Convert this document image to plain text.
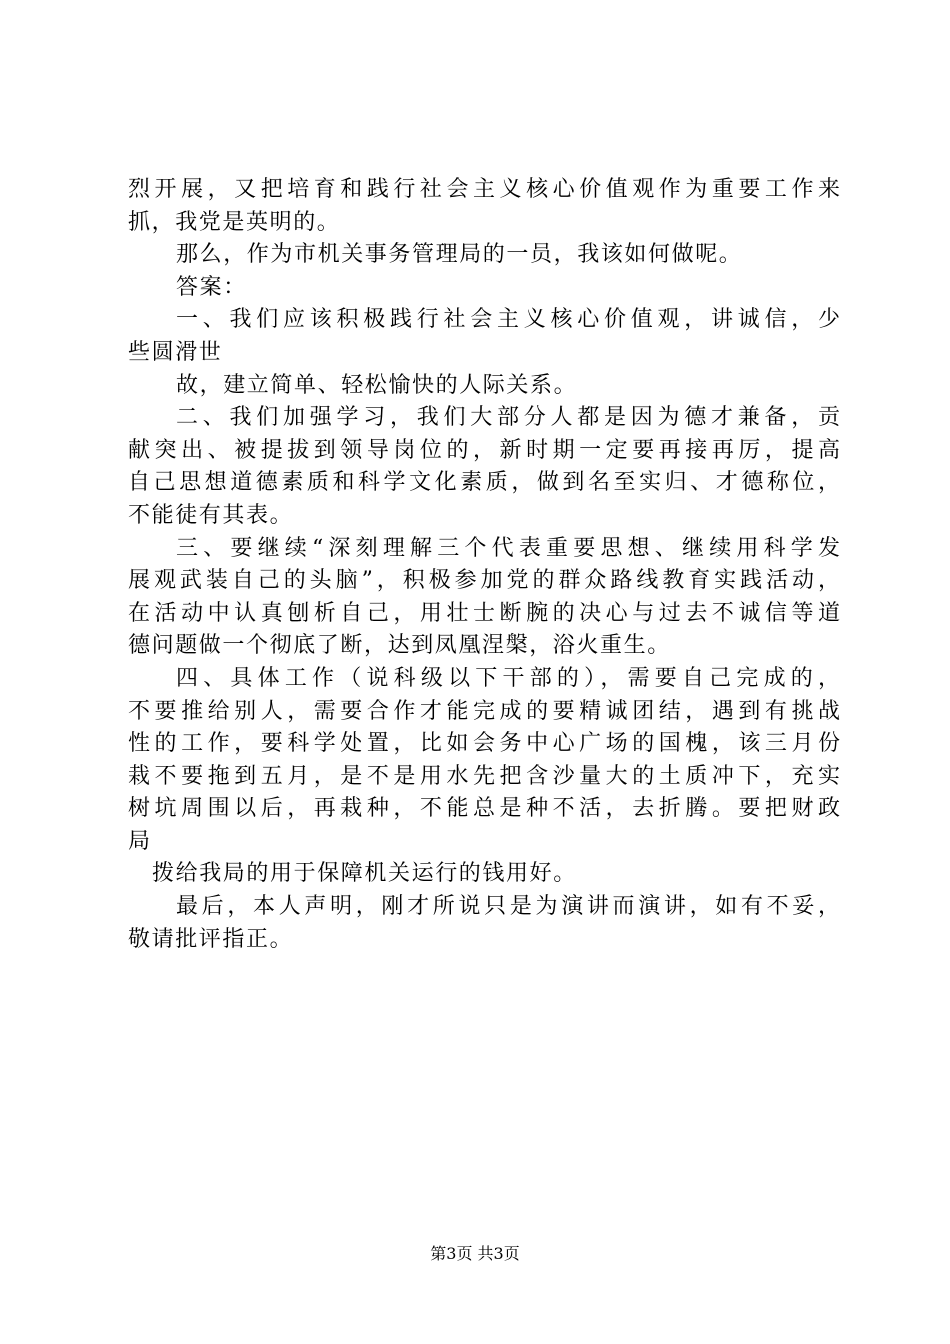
烈开展，又把培育和践行社会主义核心价值观作为重要工作来
抓，我党是英明的。
那么，作为市机关事务管理局的一员，我该如何做呢。
答案：
一、我们应该积极践行社会主义核心价值观，讲诚信，少
些圆滑世
故，建立简单、轻松愉快的人际关系。
二、我们加强学习，我们大部分人都是因为德才兼备，贡
献突出、被提拔到领导岗位的，新时期一定要再接再厉，提高
自己思想道德素质和科学文化素质，做到名至实归、才德称位，
不能徒有其表。
三、要继续“深刻理解三个代表重要思想、继续用科学发
展观武装自己的头脑”，积极参加党的群众路线教育实践活动，
在活动中认真刨析自己，用壮士断腕的决心与过去不诚信等道
德问题做一个彻底了断，达到凤凰涅槃，浴火重生。
四、具体工作（说科级以下干部的），需要自己完成的，
不要推给别人，需要合作才能完成的要精诚团结，遇到有挑战
性的工作，要科学处置，比如会务中心广场的国槐，该三月份
栽不要拖到五月，是不是用水先把含沙量大的土质冲下，充实
树坑周围以后，再栽种，不能总是种不活，去折腾。要把财政
局
拨给我局的用于保障机关运行的钱用好。
最后，本人声明，刚才所说只是为演讲而演讲，如有不妥，
敬请批评指正。
第3页 共3页
